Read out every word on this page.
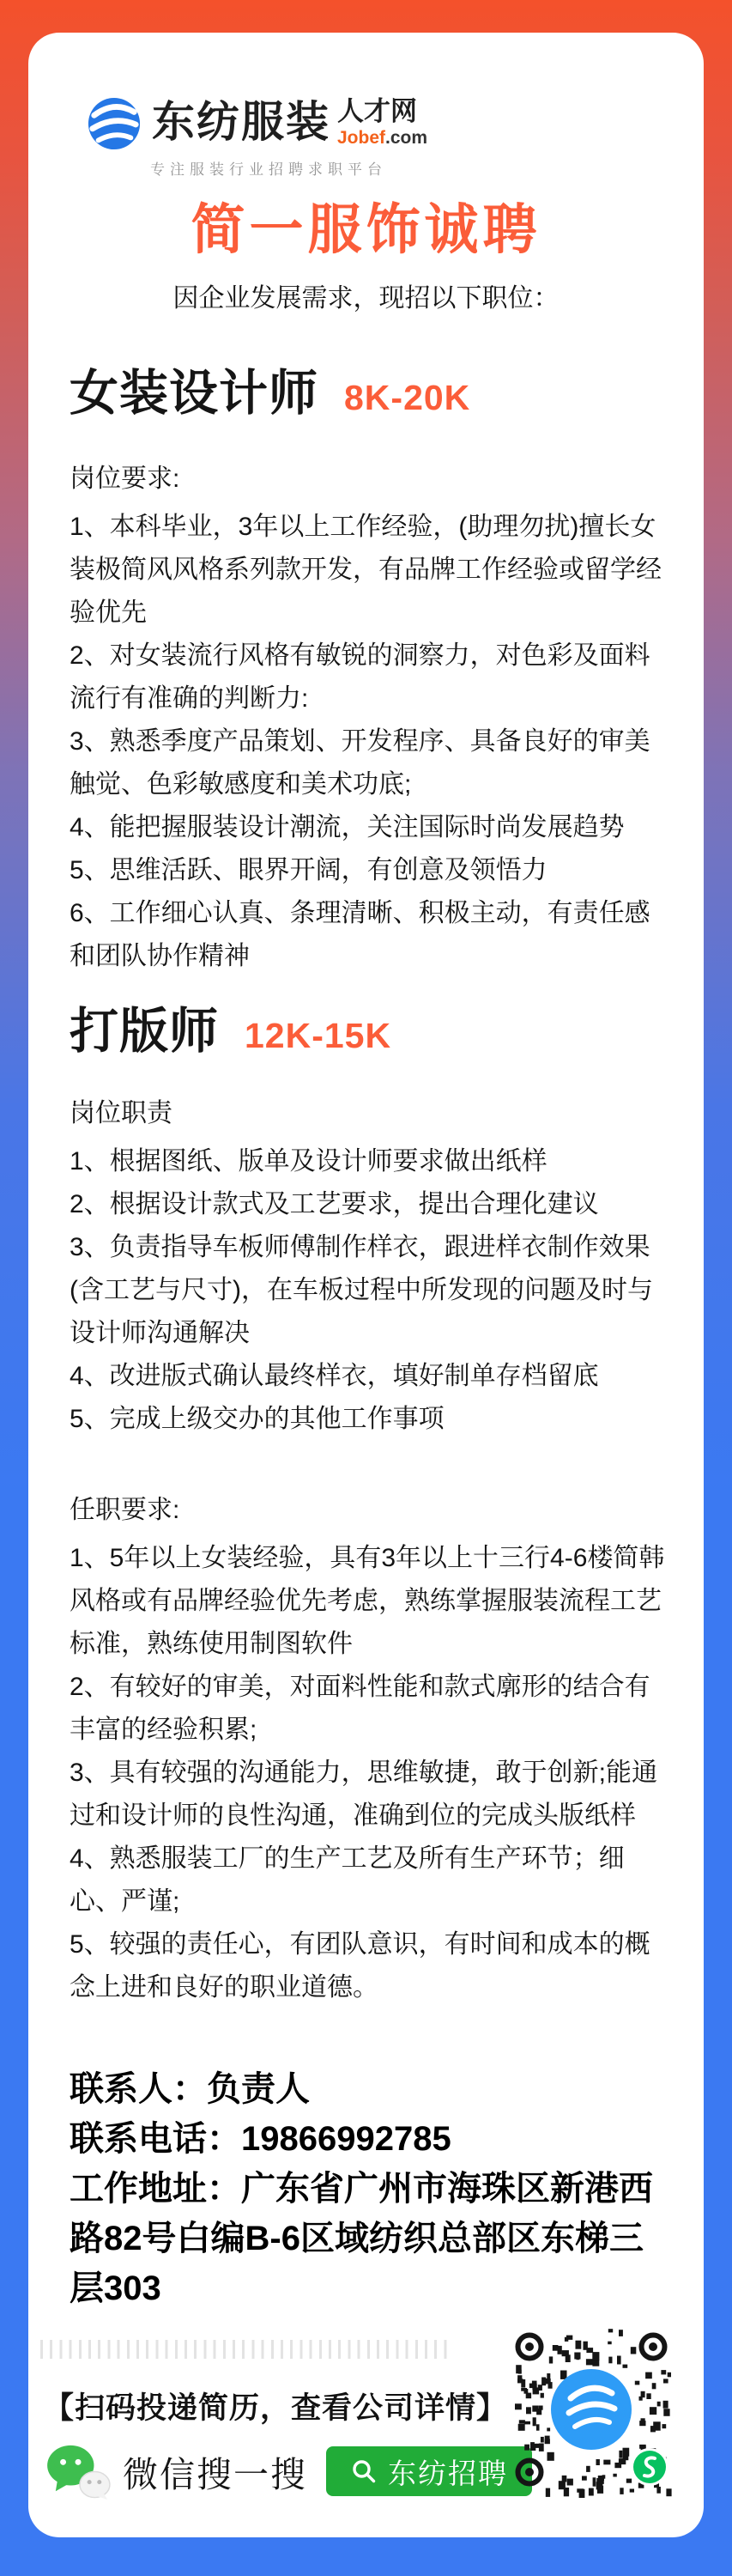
东纺服装 人才网
Jobef.com
专注服装行业招聘求职平台
简一服饰诚聘

因企业发展需求，现招以下职位：

女装设计师 8K-20K

岗位要求:

1、本科毕业，3年以上工作经验，(助理勿扰)擅长女装极简风风格系列款开发，有品牌工作经验或留学经验优先

2、对女装流行风格有敏锐的洞察力，对色彩及面料流行有准确的判断力:

3、熟悉季度产品策划、开发程序、具备良好的审美触觉、色彩敏感度和美术功底;

4、能把握服装设计潮流，关注国际时尚发展趋势

5、思维活跃、眼界开阔，有创意及领悟力

6、工作细心认真、条理清晰、积极主动，有责任感和团队协作精神

打版师 12K-15K

岗位职责

1、根据图纸、版单及设计师要求做出纸样

2、根据设计款式及工艺要求，提出合理化建议

3、负责指导车板师傅制作样衣，跟进样衣制作效果(含工艺与尺寸)，在车板过程中所发现的问题及时与设计师沟通解决

4、改进版式确认最终样衣，填好制单存档留底

5、完成上级交办的其他工作事项

任职要求:

1、5年以上女装经验，具有3年以上十三行4-6楼简韩风格或有品牌经验优先考虑，熟练掌握服装流程工艺标准，熟练使用制图软件

2、有较好的审美，对面料性能和款式廓形的结合有丰富的经验积累;

3、具有较强的沟通能力，思维敏捷，敢于创新;能通过和设计师的良性沟通，准确到位的完成头版纸样

4、熟悉服装工厂的生产工艺及所有生产环节；细心、严谨;

5、较强的责任心，有团队意识，有时间和成本的概念上进和良好的职业道德。

联系人：负责人

联系电话：19866992785

工作地址：广东省广州市海珠区新港西路82号白编B-6区域纺织总部区东梯三层303

【扫码投递简历，查看公司详情】

微信搜一搜	东纺招聘
